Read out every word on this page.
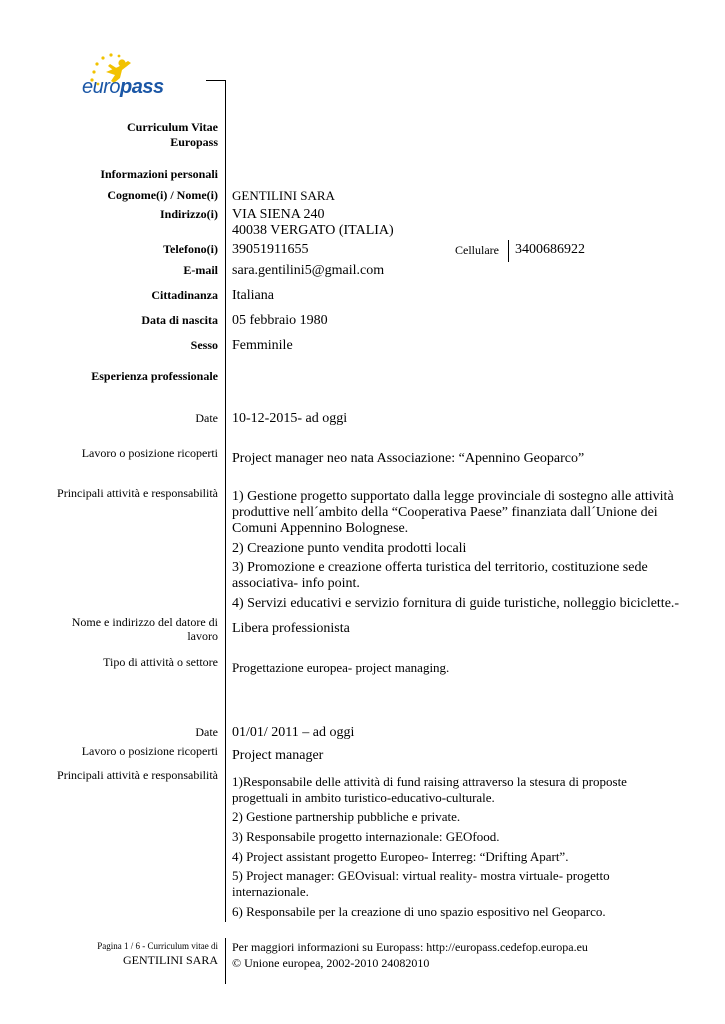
europass
Curriculum Vitae
Europass
Informazioni personali
Cognome(i) / Nome(i) GENTILINI SARA
Indirizzo(i) VIA SIENA 240
40038 VERGATO (ITALIA)
Telefono(i) 39051911655	Cellulare 3400686922
E-mail sara.gentilini5@gmail.com
Cittadinanza Italiana
Data di nascita 05 febbraio 1980
Sesso Femminile
Esperienza professionale
Date 10-12-2015- ad oggi
Lavoro o posizione ricoperti Project manager neo nata Associazione: “Apennino Geoparco”
Principali attività e responsabilità 1) Gestione progetto supportato dalla legge provinciale di sostegno alle attività
produttive nell´ambito della “Cooperativa Paese” finanziata dall´Unione dei
Comuni Appennino Bolognese.
2) Creazione punto vendita prodotti locali
3) Promozione e creazione offerta turistica del territorio, costituzione sede
associativa- info point.
4) Servizi educativi e servizio fornitura di guide turistiche, nolleggio biciclette.-
Nome e indirizzo del datore di
lavoro Libera professionista
Tipo di attività o settore Progettazione europea- project managing.
Date 01/01/ 2011 – ad oggi
Lavoro o posizione ricoperti Project manager
Principali attività e responsabilità 1)Responsabile delle attività di fund raising attraverso la stesura di proposte
progettuali in ambito turistico-educativo-culturale.
2) Gestione partnership pubbliche e private.
3) Responsabile progetto internazionale: GEOfood.
4) Project assistant progetto Europeo- Interreg: “Drifting Apart”.
5) Project manager: GEOvisual: virtual reality- mostra virtuale- progetto
internazionale.
6) Responsabile per la creazione di uno spazio espositivo nel Geoparco.
Pagina 1 / 6 - Curriculum vitae di
GENTILINI SARA
Per maggiori informazioni su Europass: http://europass.cedefop.europa.eu
© Unione europea, 2002-2010 24082010
